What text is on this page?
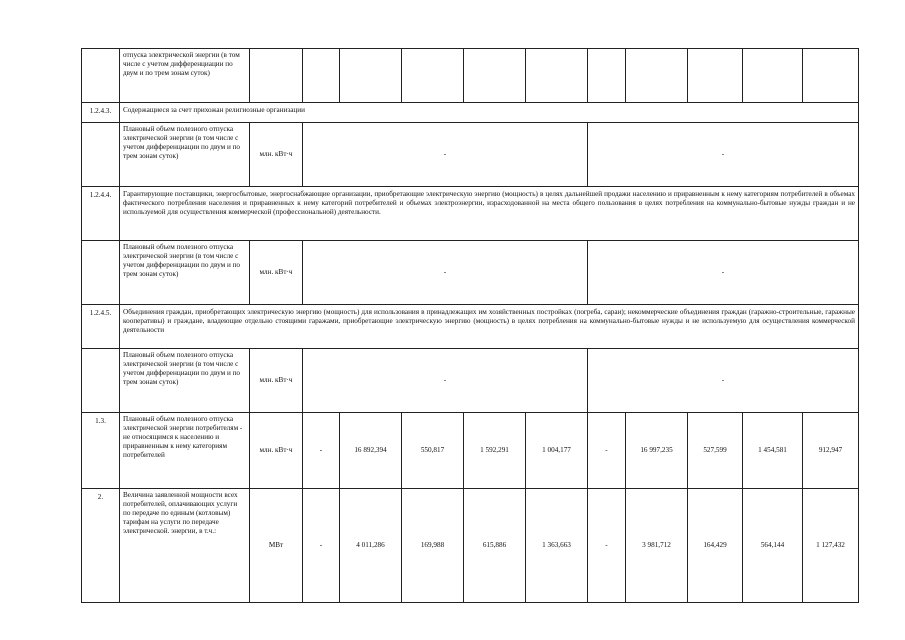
	отпуска электрической энергии (в том числе с учетом дифференциации по двум и по трем зонам суток)											
1.2.4.3.	Содержащиеся за счет прихожан религиозные организации											
	Плановый объем полезного отпуска электрической энергии (в том числе с учетом дифференциации по двум и по трем зонам суток)	млн. кВт·ч	-					-				
1.2.4.4.	Гарантирующие поставщики, энергосбытовые, энергоснабжающие организации, приобретающие электрическую энергию (мощность) в целях дальнейшей продажи населению и приравненным к нему категориям потребителей в объемах фактического потребления населения и приравненных к нему категорий потребителей и объемах электроэнергии, израсходованной на места общего пользования в целях потребления на коммунально-бытовые нужды граждан и не используемой для осуществления коммерческой (профессиональной) деятельности.											
	Плановый объем полезного отпуска электрической энергии (в том числе с учетом дифференциации по двум и по трем зонам суток)	млн. кВт·ч	-					-				
1.2.4.5.	Объединения граждан, приобретающих электрическую энергию (мощность) для использования в принадлежащих им хозяйственных постройках (погреба, сараи); некоммерческие объединения граждан (гаражно-строительные, гаражные кооперативы) и граждане, владеющие отдельно стоящими гаражами, приобретающие электрическую энергию (мощность) в целях потребления на коммунально-бытовые нужды и не используемую для осуществления коммерческой деятельности											
	Плановый объем полезного отпуска электрической энергии (в том числе с учетом дифференциации по двум и по трем зонам суток)	млн. кВт·ч	-					-				
1.3.	Плановый объем полезного отпуска электрической энергии потребителям - не относящимся к населению и приравненным к нему категориям потребителей	млн. кВт·ч	-	16 892,394	550,817	1 592,291	1 004,177	-	16 997,235	527,599	1 454,581	912,947
2.	Величина заявленной мощности всех потребителей, оплачивающих услуги по передаче по единым (котловым) тарифам на услуги по передаче электрической. энергии, в т.ч.:	МВт	-	4 011,286	169,988	615,886	1 363,663	-	3 981,712	164,429	564,144	1 127,432
